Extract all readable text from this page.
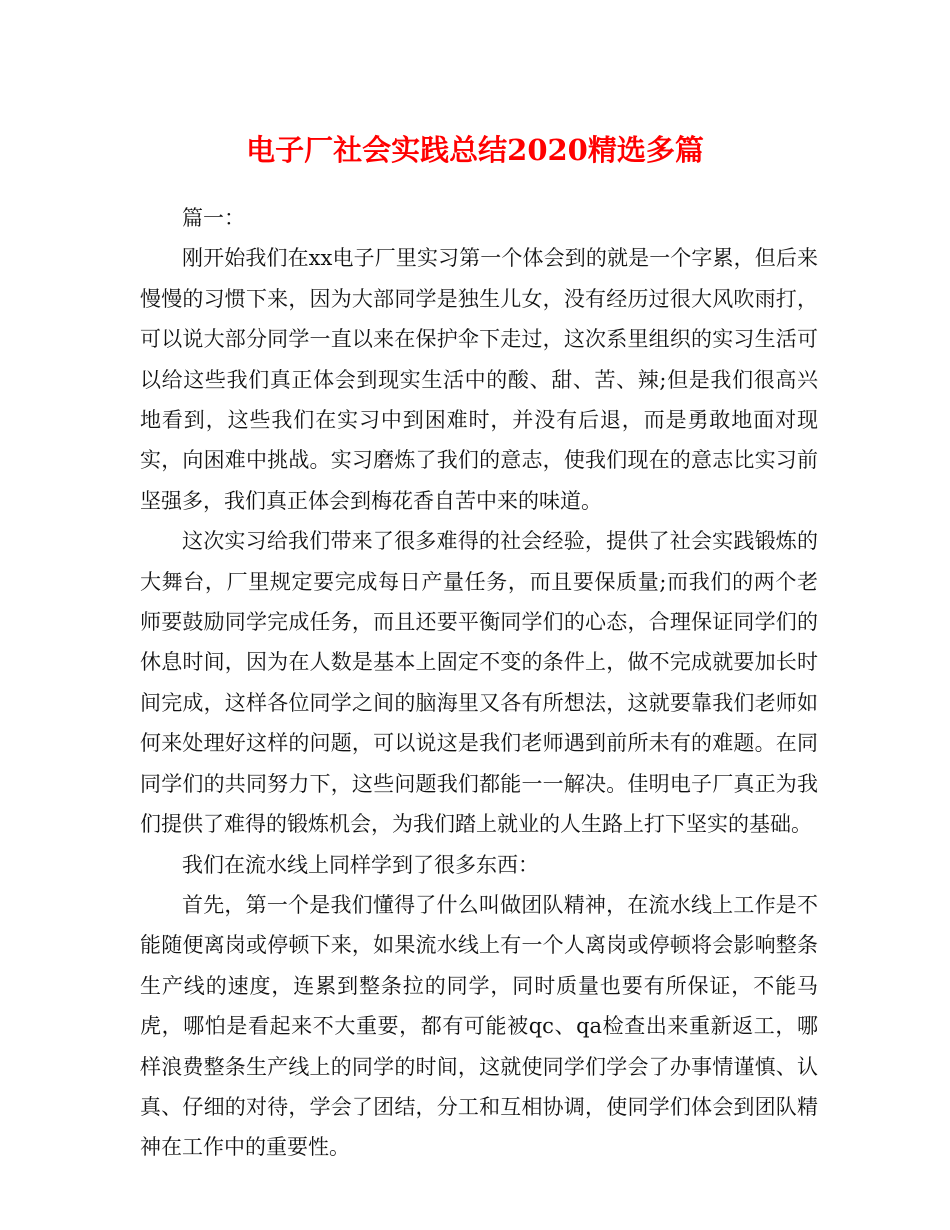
电子厂社会实践总结2020精选多篇

篇一：

刚开始我们在xx电子厂里实习第一个体会到的就是一个字累，但后来慢慢的习惯下来，因为大部同学是独生儿女，没有经历过很大风吹雨打，可以说大部分同学一直以来在保护伞下走过，这次系里组织的实习生活可以给这些我们真正体会到现实生活中的酸、甜、苦、辣;但是我们很高兴地看到，这些我们在实习中到困难时，并没有后退，而是勇敢地面对现实，向困难中挑战。实习磨炼了我们的意志，使我们现在的意志比实习前坚强多，我们真正体会到梅花香自苦中来的味道。

这次实习给我们带来了很多难得的社会经验，提供了社会实践锻炼的大舞台，厂里规定要完成每日产量任务，而且要保质量;而我们的两个老师要鼓励同学完成任务，而且还要平衡同学们的心态，合理保证同学们的休息时间，因为在人数是基本上固定不变的条件上，做不完成就要加长时间完成，这样各位同学之间的脑海里又各有所想法，这就要靠我们老师如何来处理好这样的问题，可以说这是我们老师遇到前所未有的难题。在同同学们的共同努力下，这些问题我们都能一一解决。佳明电子厂真正为我们提供了难得的锻炼机会，为我们踏上就业的人生路上打下坚实的基础。

我们在流水线上同样学到了很多东西：

首先，第一个是我们懂得了什么叫做团队精神，在流水线上工作是不能随便离岗或停顿下来，如果流水线上有一个人离岗或停顿将会影响整条生产线的速度，连累到整条拉的同学，同时质量也要有所保证，不能马虎，哪怕是看起来不大重要，都有可能被qc、qa检查出来重新返工，哪样浪费整条生产线上的同学的时间，这就使同学们学会了办事情谨慎、认真、仔细的对待，学会了团结，分工和互相协调，使同学们体会到团队精神在工作中的重要性。
